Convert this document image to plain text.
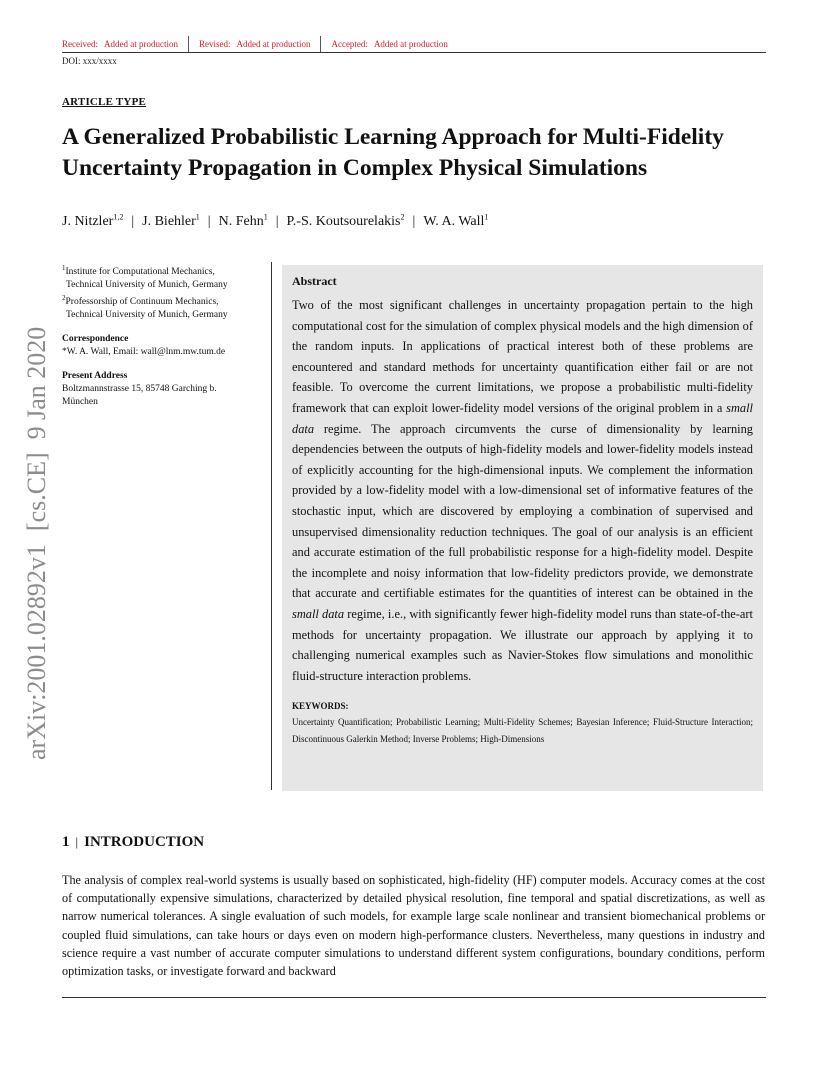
Received: Added at production Revised: Added at production Accepted: Added at production
DOI: xxx/xxxx
ARTICLE TYPE
A Generalized Probabilistic Learning Approach for Multi-Fidelity Uncertainty Propagation in Complex Physical Simulations
J. Nitzler$^{1,2}$ | J. Biehler$^1$ | N. Fehn$^1$ | P.-S. Koutsourelakis$^2$ | W. A. Wall$^1$
$^1$Institute for Computational Mechanics,
Technical University of Munich, Germany
$^2$Professorship of Continuum Mechanics,
Technical University of Munich, Germany
Correspondence
*W. A. Wall, Email: wall@lnm.mw.tum.de
Present Address
Boltzmannstrasse 15, 85748 Garching b.
München
Abstract
Two of the most significant challenges in uncertainty propagation pertain to the high computational cost for the simulation of complex physical models and the high dimension of the random inputs. In applications of practical interest both of these problems are encountered and standard methods for uncertainty quantification either fail or are not feasible. To overcome the current limitations, we propose a probabilistic multi-fidelity framework that can exploit lower-fidelity model versions of the original problem in a small data regime. The approach circumvents the curse of dimensionality by learning dependencies between the outputs of high-fidelity models and lower-fidelity models instead of explicitly accounting for the high-dimensional inputs. We complement the information provided by a low-fidelity model with a low-dimensional set of informative features of the stochastic input, which are discovered by employing a combination of supervised and unsupervised dimensionality reduction techniques. The goal of our analysis is an efficient and accurate estimation of the full probabilistic response for a high-fidelity model. Despite the incomplete and noisy information that low-fidelity predictors provide, we demonstrate that accurate and certifiable estimates for the quantities of interest can be obtained in the small data regime, i.e., with significantly fewer high-fidelity model runs than state-of-the-art methods for uncertainty propagation. We illustrate our approach by applying it to challenging numerical examples such as Navier-Stokes flow simulations and monolithic fluid-structure interaction problems.
KEYWORDS:
Uncertainty Quantification; Probabilistic Learning; Multi-Fidelity Schemes; Bayesian Inference; Fluid-Structure Interaction; Discontinuous Galerkin Method; Inverse Problems; High-Dimensions
arXiv:2001.02892v1  [cs.CE]  9 Jan 2020
1 | INTRODUCTION
The analysis of complex real-world systems is usually based on sophisticated, high-fidelity (HF) computer models. Accuracy comes at the cost of computationally expensive simulations, characterized by detailed physical resolution, fine temporal and spatial discretizations, as well as narrow numerical tolerances. A single evaluation of such models, for example large scale nonlinear and transient biomechanical problems or coupled fluid simulations, can take hours or days even on modern high-performance clusters. Nevertheless, many questions in industry and science require a vast number of accurate computer simulations to understand different system configurations, boundary conditions, perform optimization tasks, or investigate forward and backward
